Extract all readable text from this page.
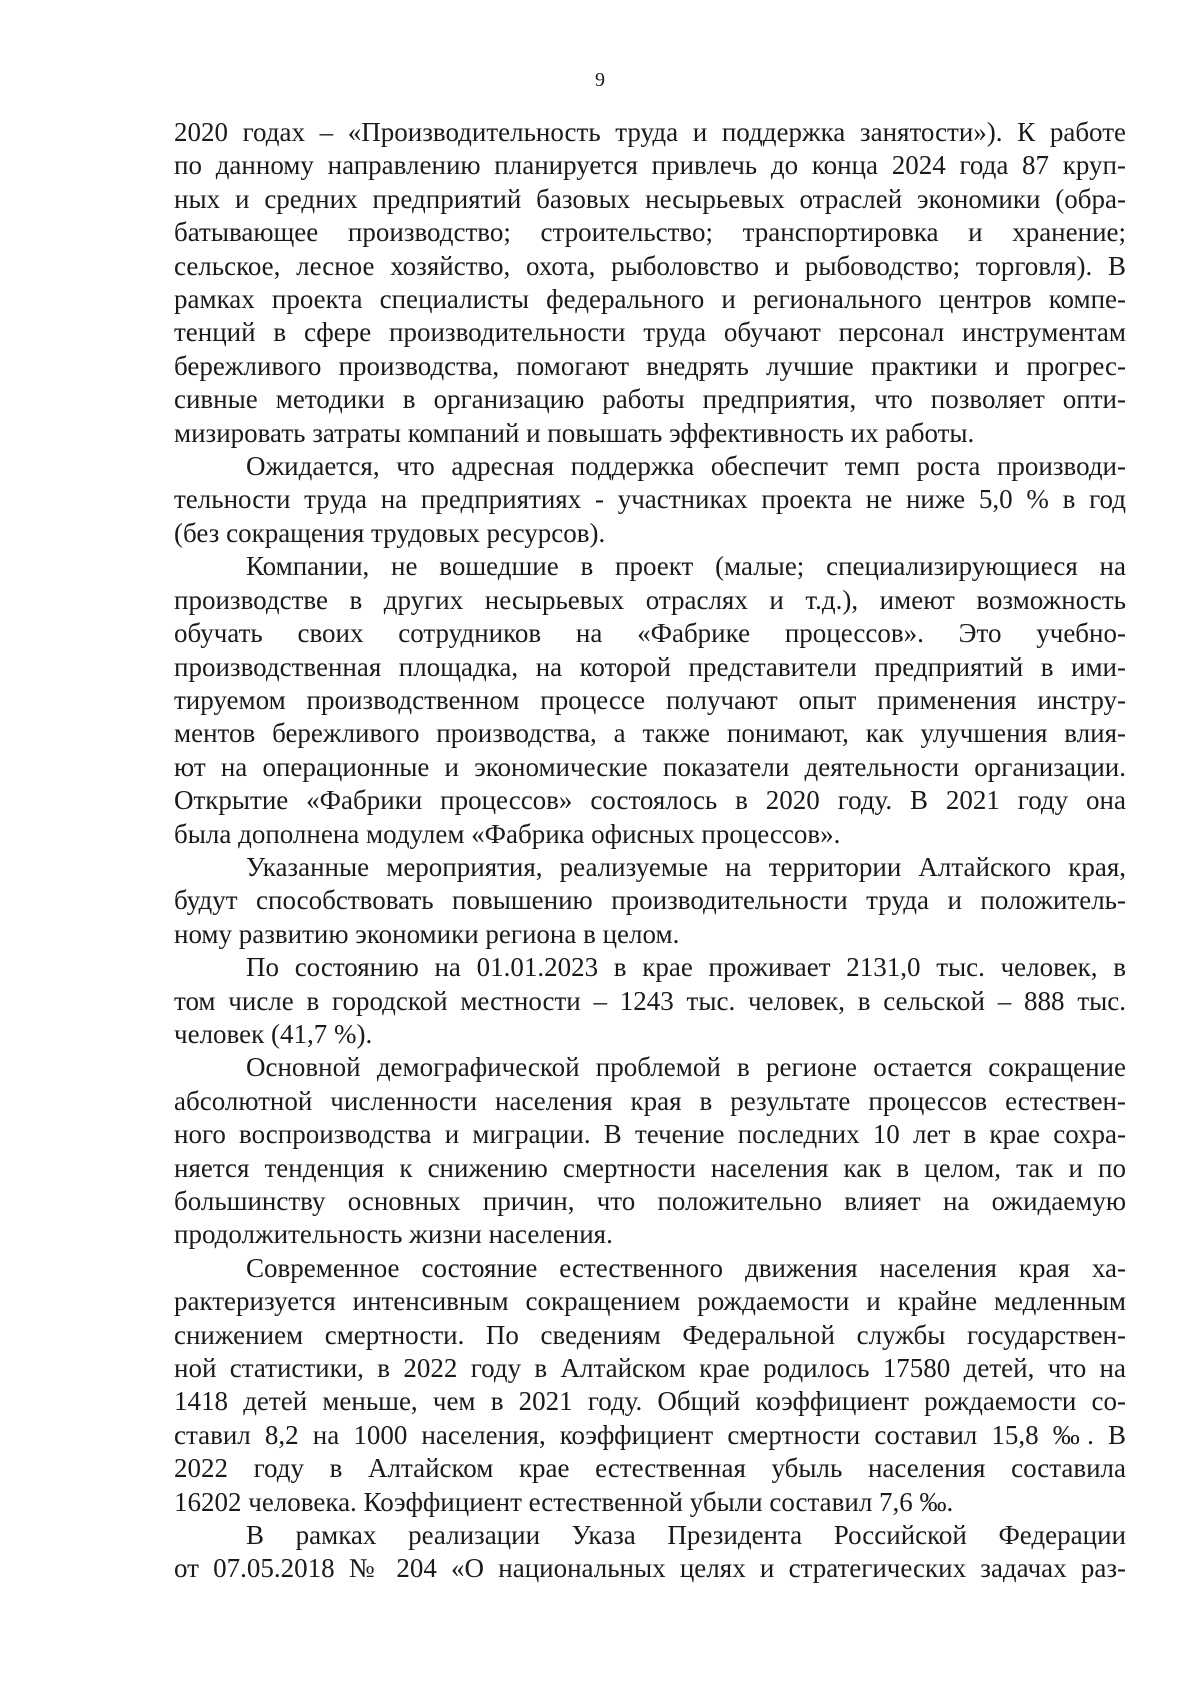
9
2020 годах – «Производительность труда и поддержка занятости»). К работе
по данному направлению планируется привлечь до конца 2024 года 87 круп-
ных и средних предприятий базовых несырьевых отраслей экономики (обра-
батывающее производство; строительство; транспортировка и хранение;
сельское, лесное хозяйство, охота, рыболовство и рыбоводство; торговля). В
рамках проекта специалисты федерального и регионального центров компе-
тенций в сфере производительности труда обучают персонал инструментам
бережливого производства, помогают внедрять лучшие практики и прогрес-
сивные методики в организацию работы предприятия, что позволяет опти-
мизировать затраты компаний и повышать эффективность их работы.
Ожидается, что адресная поддержка обеспечит темп роста производи-
тельности труда на предприятиях - участниках проекта не ниже 5,0 % в год
(без сокращения трудовых ресурсов).
Компании, не вошедшие в проект (малые; специализирующиеся на
производстве в других несырьевых отраслях и т.д.), имеют возможность
обучать своих сотрудников на «Фабрике процессов». Это учебно-
производственная площадка, на которой представители предприятий в ими-
тируемом производственном процессе получают опыт применения инстру-
ментов бережливого производства, а также понимают, как улучшения влия-
ют на операционные и экономические показатели деятельности организации.
Открытие «Фабрики процессов» состоялось в 2020 году. В 2021 году она
была дополнена модулем «Фабрика офисных процессов».
Указанные мероприятия, реализуемые на территории Алтайского края,
будут способствовать повышению производительности труда и положитель-
ному развитию экономики региона в целом.
По состоянию на 01.01.2023 в крае проживает 2131,0 тыс. человек, в
том числе в городской местности – 1243 тыс. человек, в сельской – 888 тыс.
человек (41,7 %).
Основной демографической проблемой в регионе остается сокращение
абсолютной численности населения края в результате процессов естествен-
ного воспроизводства и миграции. В течение последних 10 лет в крае сохра-
няется тенденция к снижению смертности населения как в целом, так и по
большинству основных причин, что положительно влияет на ожидаемую
продолжительность жизни населения.
Современное состояние естественного движения населения края ха-
рактеризуется интенсивным сокращением рождаемости и крайне медленным
снижением смертности. По сведениям Федеральной службы государствен-
ной статистики, в 2022 году в Алтайском крае родилось 17580 детей, что на
1418 детей меньше, чем в 2021 году. Общий коэффициент рождаемости со-
ставил 8,2 на 1000 населения, коэффициент смертности составил 15,8 ‰. В
2022 году в Алтайском крае естественная убыль населения составила
16202 человека. Коэффициент естественной убыли составил 7,6 ‰.
В рамках реализации Указа Президента Российской Федерации
от 07.05.2018 № 204 «О национальных целях и стратегических задачах раз-
